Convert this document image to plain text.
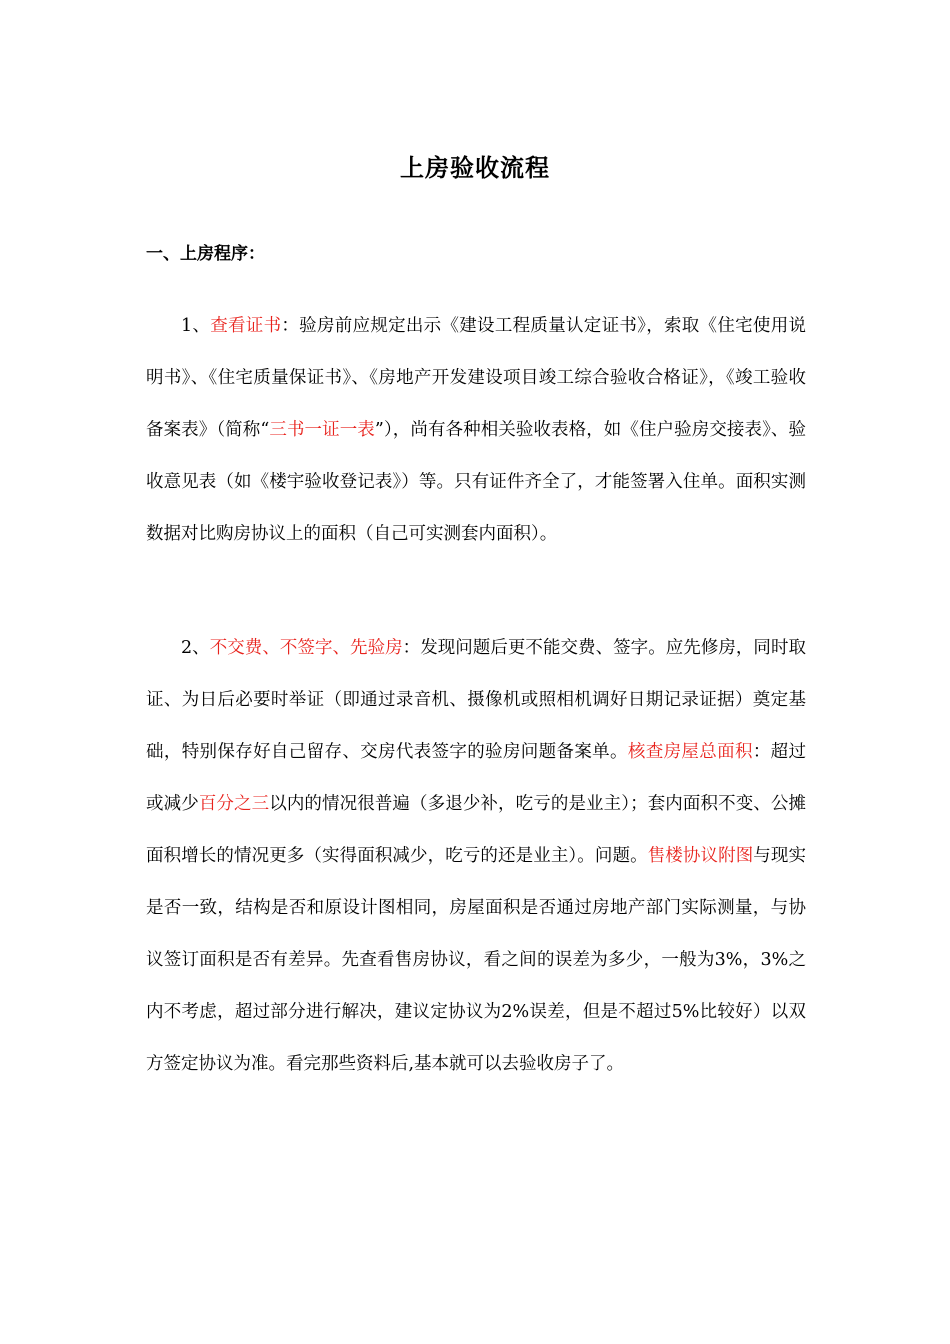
上房验收流程
一、上房程序：

1、查看证书：验房前应规定出示《建设工程质量认定证书》，索取《住宅使用说明书》、《住宅质量保证书》、《房地产开发建设项目竣工综合验收合格证》，《竣工验收备案表》（简称“三书一证一表”），尚有各种相关验收表格，如《住户验房交接表》、验收意见表（如《楼宇验收登记表》）等。只有证件齐全了，才能签署入住单。面积实测数据对比购房协议上的面积（自己可实测套内面积）。

2、不交费、不签字、先验房：发现问题后更不能交费、签字。应先修房，同时取证、为日后必要时举证（即通过录音机、摄像机或照相机调好日期记录证据）奠定基础，特别保存好自己留存、交房代表签字的验房问题备案单。核查房屋总面积：超过或减少百分之三以内的情况很普遍（多退少补，吃亏的是业主）；套内面积不变、公摊面积增长的情况更多（实得面积减少，吃亏的还是业主）。问题。售楼协议附图与现实是否一致，结构是否和原设计图相同，房屋面积是否通过房地产部门实际测量，与协议签订面积是否有差异。先查看售房协议，看之间的误差为多少，一般为3%，3%之内不考虑，超过部分进行解决，建议定协议为2%误差，但是不超过5%比较好）以双方签定协议为准。看完那些资料后,基本就可以去验收房子了。
